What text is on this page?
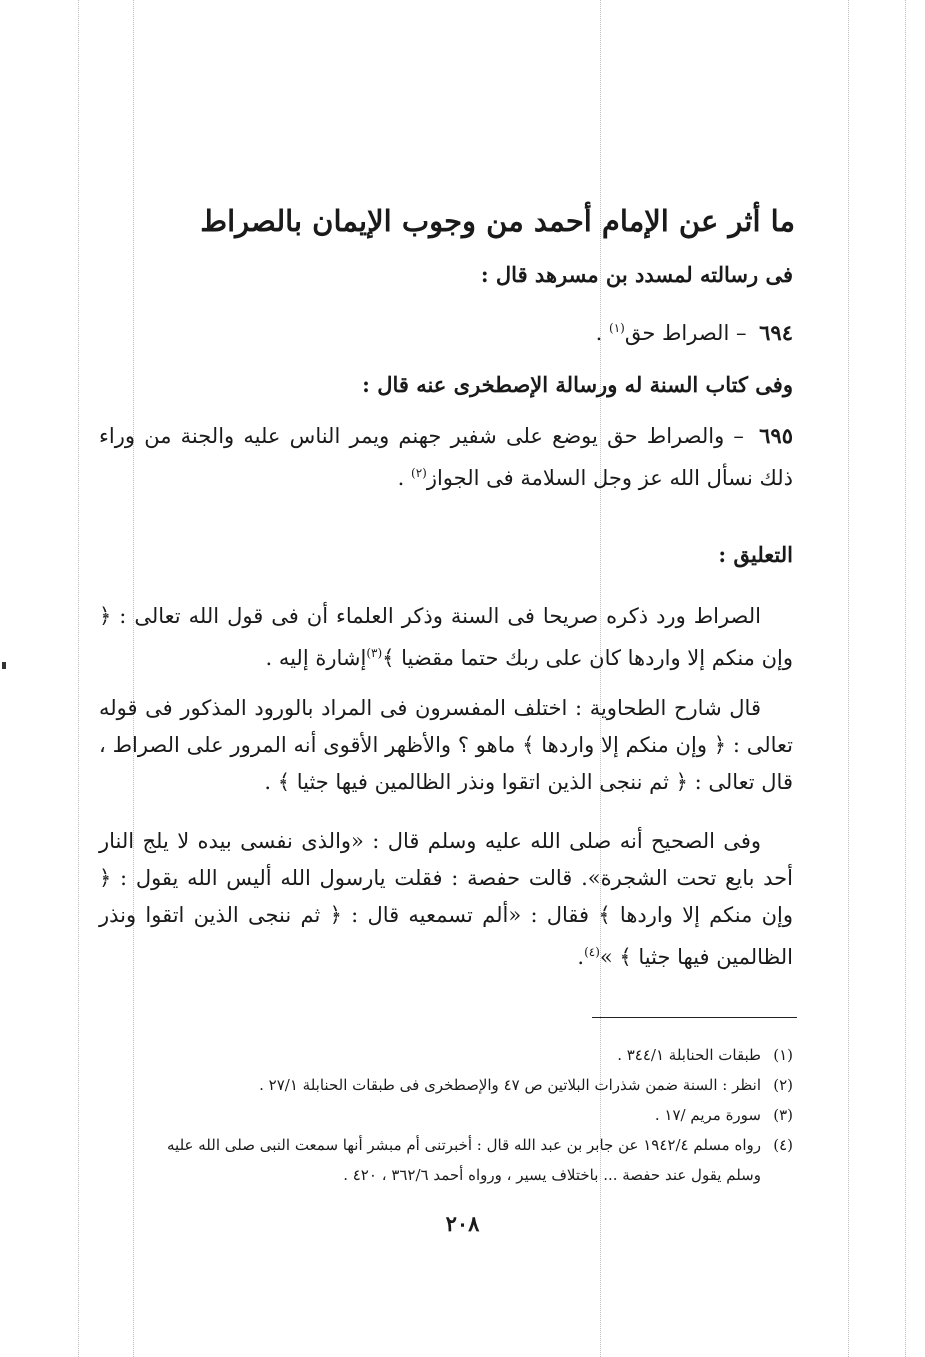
ما أثر عن الإمام أحمد من وجوب الإيمان بالصراط
فى رسالته لمسدد بن مسرهد قال :
٦٩٤ – الصراط حق$^{(١)}$ .
وفى كتاب السنة له ورسالة الإصطخرى عنه قال :
٦٩٥ – والصراط حق يوضع على شفير جهنم ويمر الناس عليه والجنة من وراء ذلك نسأل الله عز وجل السلامة فى الجواز$^{(٢)}$ .
التعليق :
الصراط ورد ذكره صريحا فى السنة وذكر العلماء أن فى قول الله تعالى : ﴿ وإن منكم إلا واردها كان على ربك حتما مقضيا ﴾$^{(٣)}$إشارة إليه .
قال شارح الطحاوية : اختلف المفسرون فى المراد بالورود المذكور فى قوله تعالى : ﴿ وإن منكم إلا واردها ﴾ ماهو ؟ والأظهر الأقوى أنه المرور على الصراط ، قال تعالى : ﴿ ثم ننجى الذين اتقوا ونذر الظالمين فيها جثيا ﴾ .
وفى الصحيح أنه صلى الله عليه وسلم قال : «والذى نفسى بيده لا يلج النار أحد بايع تحت الشجرة». قالت حفصة : فقلت يارسول الله أليس الله يقول : ﴿ وإن منكم إلا واردها ﴾ فقال : «ألم تسمعيه قال : ﴿ ثم ننجى الذين اتقوا ونذر الظالمين فيها جثيا ﴾ »$^{(٤)}$.
(١)طبقات الحنابلة ٣٤٤/١ .
(٢)انظر : السنة ضمن شذرات البلاتين ص ٤٧ والإصطخرى فى طبقات الحنابلة ٢٧/١ .
(٣)سورة مريم /١٧ .
(٤)رواه مسلم ١٩٤٢/٤ عن جابر بن عبد الله قال : أخبرتنى أم مبشر أنها سمعت النبى صلى الله عليه
وسلم يقول عند حفصة ... باختلاف يسير ، ورواه أحمد ٣٦٢/٦ ، ٤٢٠ .
٢٠٨
